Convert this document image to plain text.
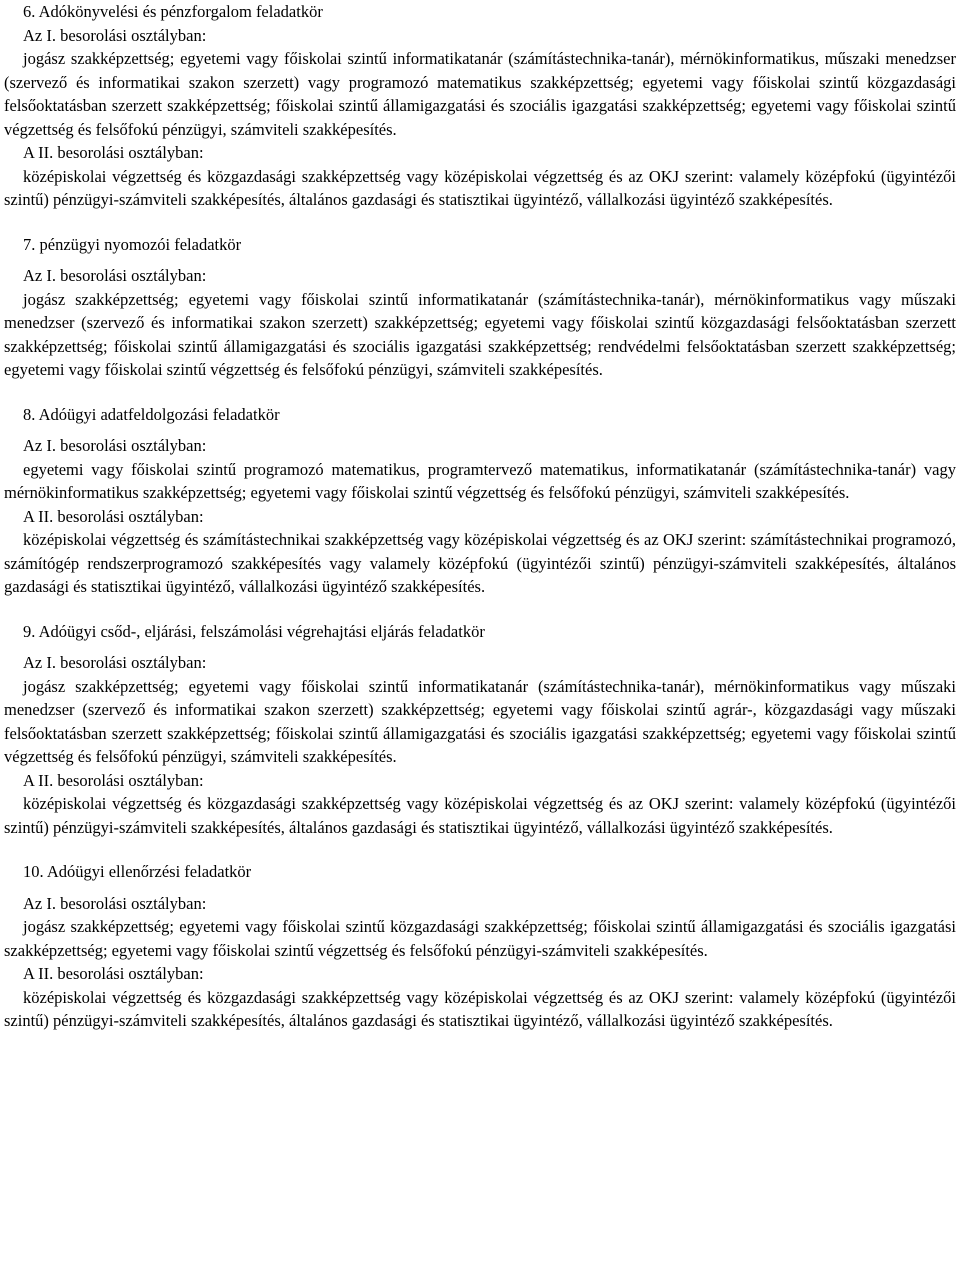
6. Adókönyvelési és pénzforgalom feladatkör
Az I. besorolási osztályban:

jogász szakképzettség; egyetemi vagy főiskolai szintű informatikatanár (számítástechnika-tanár), mérnökinformatikus, műszaki menedzser (szervező és informatikai szakon szerzett) vagy programozó matematikus szakképzettség; egyetemi vagy főiskolai szintű közgazdasági felsőoktatásban szerzett szakképzettség; főiskolai szintű államigazgatási és szociális igazgatási szakképzettség; egyetemi vagy főiskolai szintű végzettség és felsőfokú pénzügyi, számviteli szakképesítés.

A II. besorolási osztályban:

középiskolai végzettség és közgazdasági szakképzettség vagy középiskolai végzettség és az OKJ szerint: valamely középfokú (ügyintézői szintű) pénzügyi-számviteli szakképesítés, általános gazdasági és statisztikai ügyintéző, vállalkozási ügyintéző szakképesítés.

7. pénzügyi nyomozói feladatkör
Az I. besorolási osztályban:

jogász szakképzettség; egyetemi vagy főiskolai szintű informatikatanár (számítástechnika-tanár), mérnökinformatikus vagy műszaki menedzser (szervező és informatikai szakon szerzett) szakképzettség; egyetemi vagy főiskolai szintű közgazdasági felsőoktatásban szerzett szakképzettség; főiskolai szintű államigazgatási és szociális igazgatási szakképzettség; rendvédelmi felsőoktatásban szerzett szakképzettség; egyetemi vagy főiskolai szintű végzettség és felsőfokú pénzügyi, számviteli szakképesítés.

8. Adóügyi adatfeldolgozási feladatkör
Az I. besorolási osztályban:

egyetemi vagy főiskolai szintű programozó matematikus, programtervező matematikus, informatikatanár (számítástechnika-tanár) vagy mérnökinformatikus szakképzettség; egyetemi vagy főiskolai szintű végzettség és felsőfokú pénzügyi, számviteli szakképesítés.

A II. besorolási osztályban:

középiskolai végzettség és számítástechnikai szakképzettség vagy középiskolai végzettség és az OKJ szerint: számítástechnikai programozó, számítógép rendszerprogramozó szakképesítés vagy valamely középfokú (ügyintézői szintű) pénzügyi-számviteli szakképesítés, általános gazdasági és statisztikai ügyintéző, vállalkozási ügyintéző szakképesítés.

9. Adóügyi csőd-, eljárási, felszámolási végrehajtási eljárás feladatkör
Az I. besorolási osztályban:

jogász szakképzettség; egyetemi vagy főiskolai szintű informatikatanár (számítástechnika-tanár), mérnökinformatikus vagy műszaki menedzser (szervező és informatikai szakon szerzett) szakképzettség; egyetemi vagy főiskolai szintű agrár-, közgazdasági vagy műszaki felsőoktatásban szerzett szakképzettség; főiskolai szintű államigazgatási és szociális igazgatási szakképzettség; egyetemi vagy főiskolai szintű végzettség és felsőfokú pénzügyi, számviteli szakképesítés.

A II. besorolási osztályban:

középiskolai végzettség és közgazdasági szakképzettség vagy középiskolai végzettség és az OKJ szerint: valamely középfokú (ügyintézői szintű) pénzügyi-számviteli szakképesítés, általános gazdasági és statisztikai ügyintéző, vállalkozási ügyintéző szakképesítés.

10. Adóügyi ellenőrzési feladatkör
Az I. besorolási osztályban:

jogász szakképzettség; egyetemi vagy főiskolai szintű közgazdasági szakképzettség; főiskolai szintű államigazgatási és szociális igazgatási szakképzettség; egyetemi vagy főiskolai szintű végzettség és felsőfokú pénzügyi-számviteli szakképesítés.

A II. besorolási osztályban:

középiskolai végzettség és közgazdasági szakképzettség vagy középiskolai végzettség és az OKJ szerint: valamely középfokú (ügyintézői szintű) pénzügyi-számviteli szakképesítés, általános gazdasági és statisztikai ügyintéző, vállalkozási ügyintéző szakképesítés.
